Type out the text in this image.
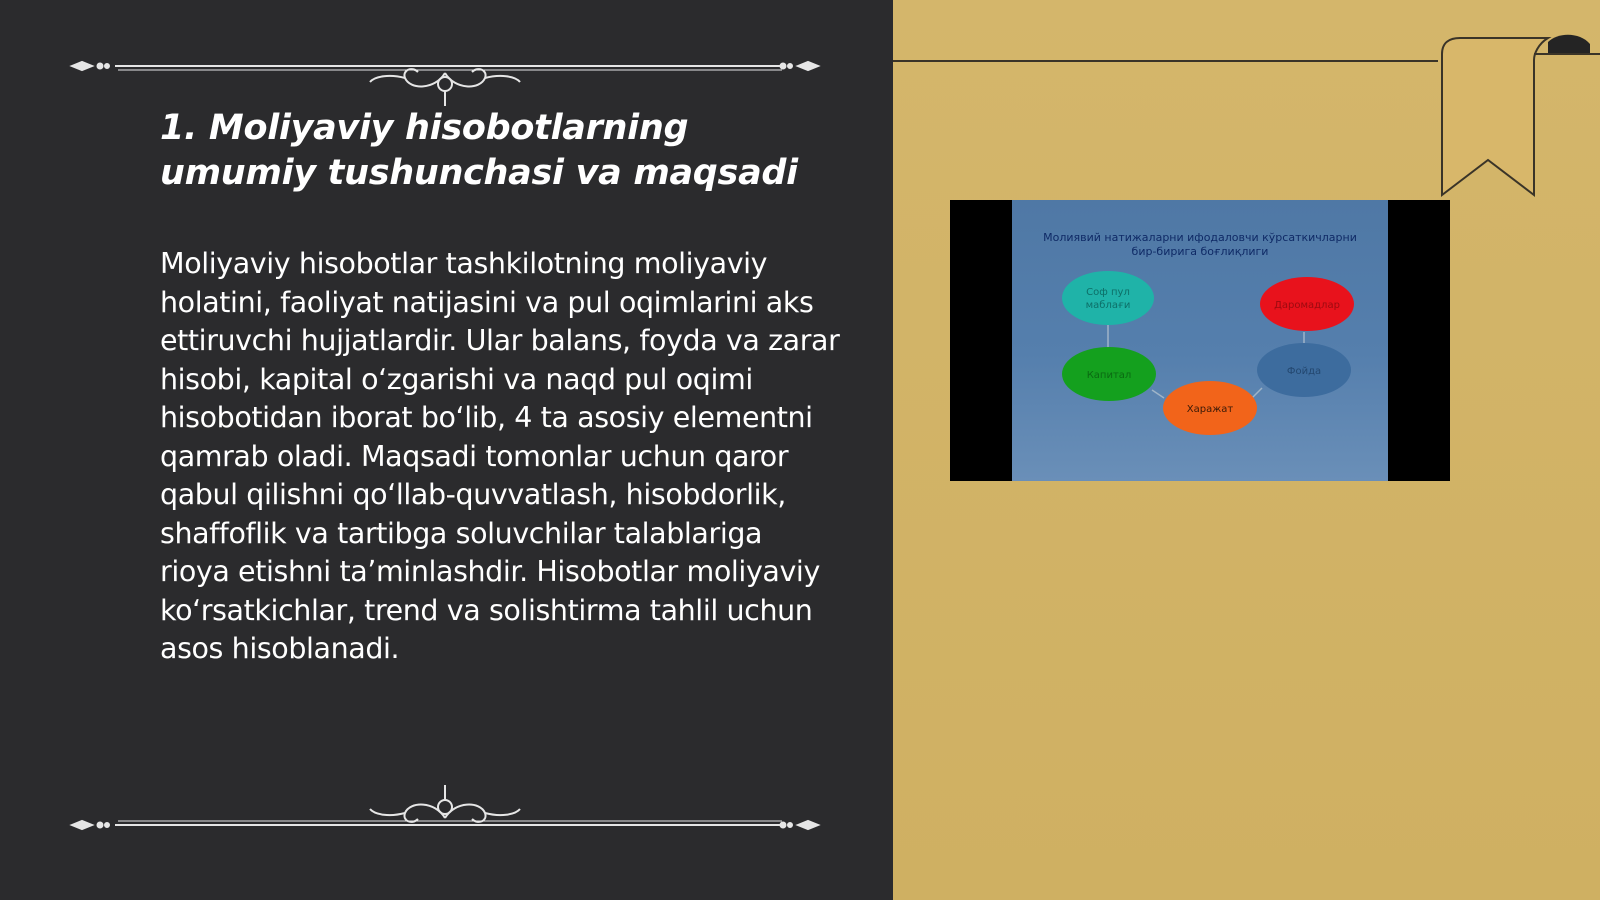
1. Moliyaviy hisobotlarning umumiy tushunchasi va maqsadi

Moliyaviy hisobotlar tashkilotning moliyaviy holatini, faoliyat natijasini va pul oqimlarini aks ettiruvchi hujjatlardir. Ular balans, foyda va zarar hisobi, kapital oʻzgarishi va naqd pul oqimi hisobotidan iborat boʻlib, 4 ta asosiy elementni qamrab oladi. Maqsadi tomonlar uchun qaror qabul qilishni qoʻllab-quvvatlash, hisobdorlik, shaffoflik va tartibga soluvchilar talablariga rioya etishni taʼminlashdir. Hisobotlar moliyaviy koʻrsatkichlar, trend va solishtirma tahlil uchun asos hisoblanadi.

Молиявий натижаларни ифодаловчи кўрсаткичларни
бир-бирига боғлиқлиги
Соф пул
маблағи	Даромадлар
Капитал	Фойда
Харажат
